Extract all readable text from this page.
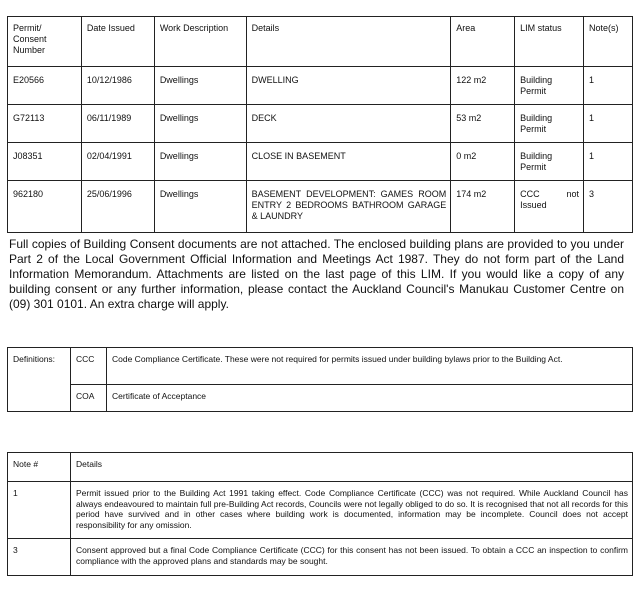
Permit/ Consent Number	Date Issued	Work Description	Details	Area	LIM status	Note(s)
E20566	10/12/1986	Dwellings	DWELLING	122 m2	Building Permit	1
G72113	06/11/1989	Dwellings	DECK	53 m2	Building Permit	1
J08351	02/04/1991	Dwellings	CLOSE IN BASEMENT	0 m2	Building Permit	1
962180	25/06/1996	Dwellings	BASEMENT DEVELOPMENT: GAMES ROOM ENTRY 2 BEDROOMS BATHROOM GARAGE & LAUNDRY	174 m2	CCC not Issued	3

Full copies of Building Consent documents are not attached. The enclosed building plans are provided to you under Part 2 of the Local Government Official Information and Meetings Act 1987. They do not form part of the Land Information Memorandum. Attachments are listed on the last page of this LIM. If you would like a copy of any building consent or any further information, please contact the Auckland Council's Manukau Customer Centre on (09) 301 0101. An extra charge will apply.

Definitions:	CCC	Code Compliance Certificate. These were not required for permits issued under building bylaws prior to the Building Act.
	COA	Certificate of Acceptance
Note #	Details
1	Permit issued prior to the Building Act 1991 taking effect. Code Compliance Certificate (CCC) was not required. While Auckland Council has always endeavoured to maintain full pre-Building Act records, Councils were not legally obliged to do so. It is recognised that not all records for this period have survived and in other cases where building work is documented, information may be incomplete. Council does not accept responsibility for any omission.
3	Consent approved but a final Code Compliance Certificate (CCC) for this consent has not been issued. To obtain a CCC an inspection to confirm compliance with the approved plans and standards may be sought.
